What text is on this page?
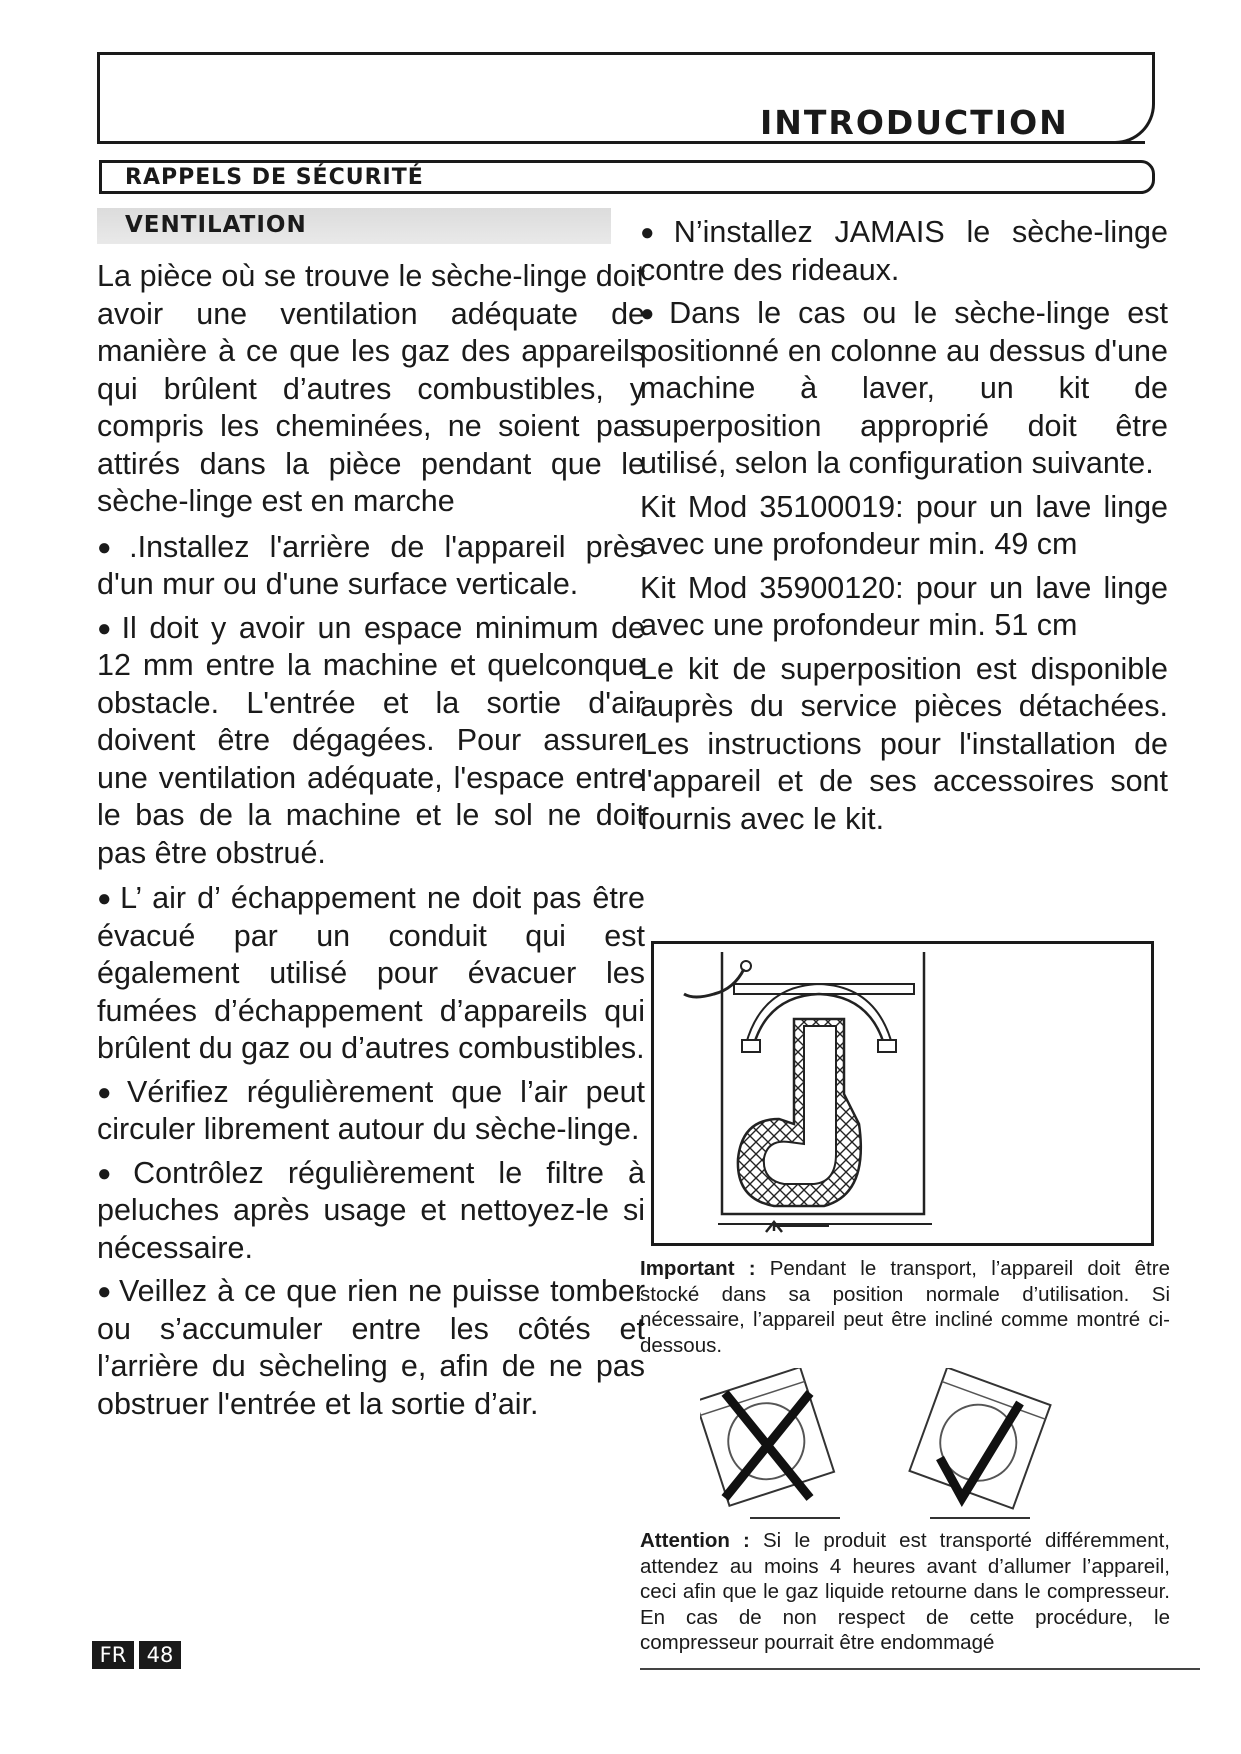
INTRODUCTION
RAPPELS DE SÉCURITÉ
VENTILATION

La pièce où se trouve le sèche-linge doit avoir une ventilation adéquate de manière à ce que les gaz des appareils qui brûlent d’autres combustibles, y compris les cheminées, ne soient pas attirés dans la pièce pendant que le sèche-linge est en marche

● .Installez l'arrière de l'appareil près d'un mur ou d'une surface verticale.

● Il doit y avoir un espace minimum de 12 mm entre la machine et quelconque obstacle. L'entrée et la sortie d'air doivent être dégagées. Pour assurer une ventilation adéquate, l'espace entre le bas de la machine et le sol ne doit pas être obstrué.

● L’ air d’ échappement ne doit pas être évacué par un conduit qui est également utilisé pour évacuer les fumées d’échappement d’appareils qui brûlent du gaz ou d’autres combustibles.

● Vérifiez régulièrement que l’air peut circuler librement autour du sèche-linge.

● Contrôlez régulièrement le filtre à peluches après usage et nettoyez-le si nécessaire.

● Veillez à ce que rien ne puisse tomber ou s’accumuler entre les côtés et l’arrière du sècheling e, afin de ne pas obstruer l'entrée et la sortie d’air.

● N’installez JAMAIS le sèche-linge contre des rideaux.

● Dans le cas ou le sèche-linge est positionné en colonne au dessus d'une machine à laver, un kit de superposition approprié doit être utilisé, selon la configuration suivante.

Kit Mod 35100019: pour un lave linge avec une profondeur min. 49 cm

Kit Mod 35900120: pour un lave linge avec une profondeur min. 51 cm

Le kit de superposition est disponible auprès du service pièces détachées. Les instructions pour l'installation de l'appareil et de ses accessoires sont fournis avec le kit.

Important : Pendant le transport, l’appareil doit être stocké dans sa position normale d’utilisation. Si nécessaire, l’appareil peut être incliné comme montré ci-dessous.

Attention : Si le produit est transporté différemment, attendez au moins 4 heures avant d’allumer l’appareil, ceci afin que le gaz liquide retourne dans le compresseur. En cas de non respect de cette procédure, le compresseur pourrait être endommagé

FR 48
